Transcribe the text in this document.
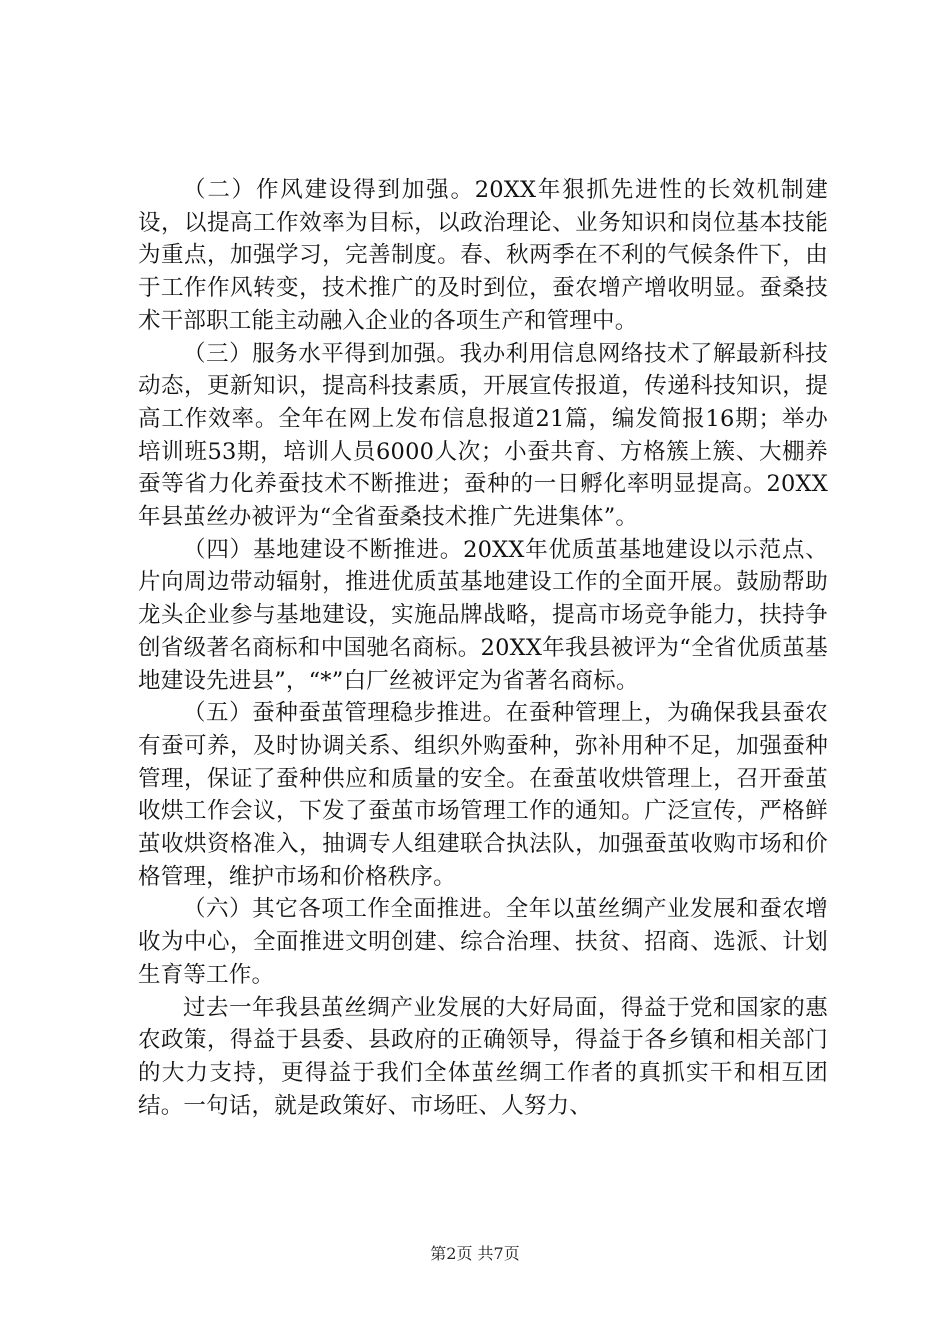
（二）作风建设得到加强。20XX年狠抓先进性的长效机制建设，以提高工作效率为目标，以政治理论、业务知识和岗位基本技能为重点，加强学习，完善制度。春、秋两季在不利的气候条件下，由于工作作风转变，技术推广的及时到位，蚕农增产增收明显。蚕桑技术干部职工能主动融入企业的各项生产和管理中。

（三）服务水平得到加强。我办利用信息网络技术了解最新科技动态，更新知识，提高科技素质，开展宣传报道，传递科技知识，提高工作效率。全年在网上发布信息报道21篇，编发简报16期；举办培训班53期，培训人员6000人次；小蚕共育、方格簇上簇、大棚养蚕等省力化养蚕技术不断推进；蚕种的一日孵化率明显提高。20XX年县茧丝办被评为“全省蚕桑技术推广先进集体”。

（四）基地建设不断推进。20XX年优质茧基地建设以示范点、片向周边带动辐射，推进优质茧基地建设工作的全面开展。鼓励帮助龙头企业参与基地建设，实施品牌战略，提高市场竞争能力，扶持争创省级著名商标和中国驰名商标。20XX年我县被评为“全省优质茧基地建设先进县”，“*”白厂丝被评定为省著名商标。

（五）蚕种蚕茧管理稳步推进。在蚕种管理上，为确保我县蚕农有蚕可养，及时协调关系、组织外购蚕种，弥补用种不足，加强蚕种管理，保证了蚕种供应和质量的安全。在蚕茧收烘管理上，召开蚕茧收烘工作会议，下发了蚕茧市场管理工作的通知。广泛宣传，严格鲜茧收烘资格准入，抽调专人组建联合执法队，加强蚕茧收购市场和价格管理，维护市场和价格秩序。

（六）其它各项工作全面推进。全年以茧丝绸产业发展和蚕农增收为中心，全面推进文明创建、综合治理、扶贫、招商、选派、计划生育等工作。

过去一年我县茧丝绸产业发展的大好局面，得益于党和国家的惠农政策，得益于县委、县政府的正确领导，得益于各乡镇和相关部门的大力支持，更得益于我们全体茧丝绸工作者的真抓实干和相互团结。一句话，就是政策好、市场旺、人努力、

第2页 共7页
